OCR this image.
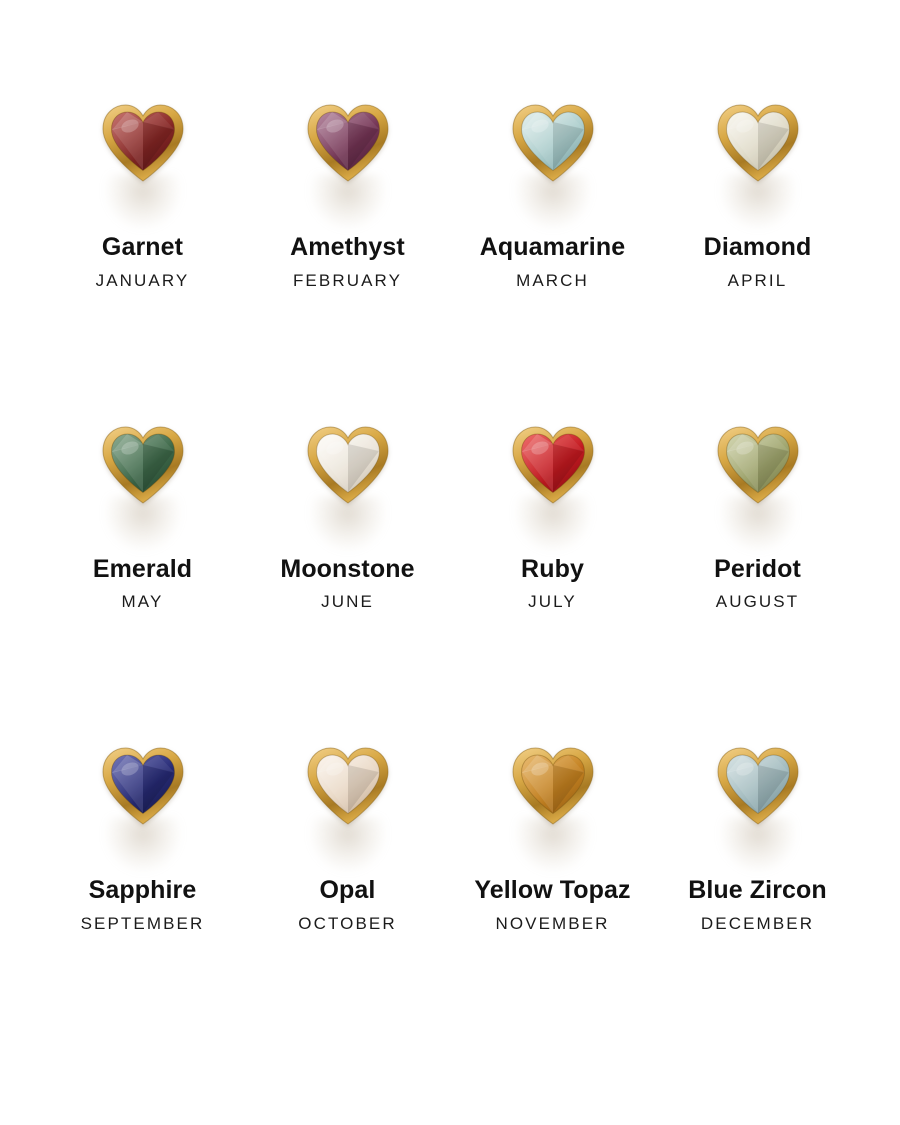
Garnet
JANUARY
Amethyst
FEBRUARY
Aquamarine
MARCH
Diamond
APRIL
Emerald
MAY
Moonstone
JUNE
Ruby
JULY
Peridot
AUGUST
Sapphire
SEPTEMBER
Opal
OCTOBER
Yellow Topaz
NOVEMBER
Blue Zircon
DECEMBER
